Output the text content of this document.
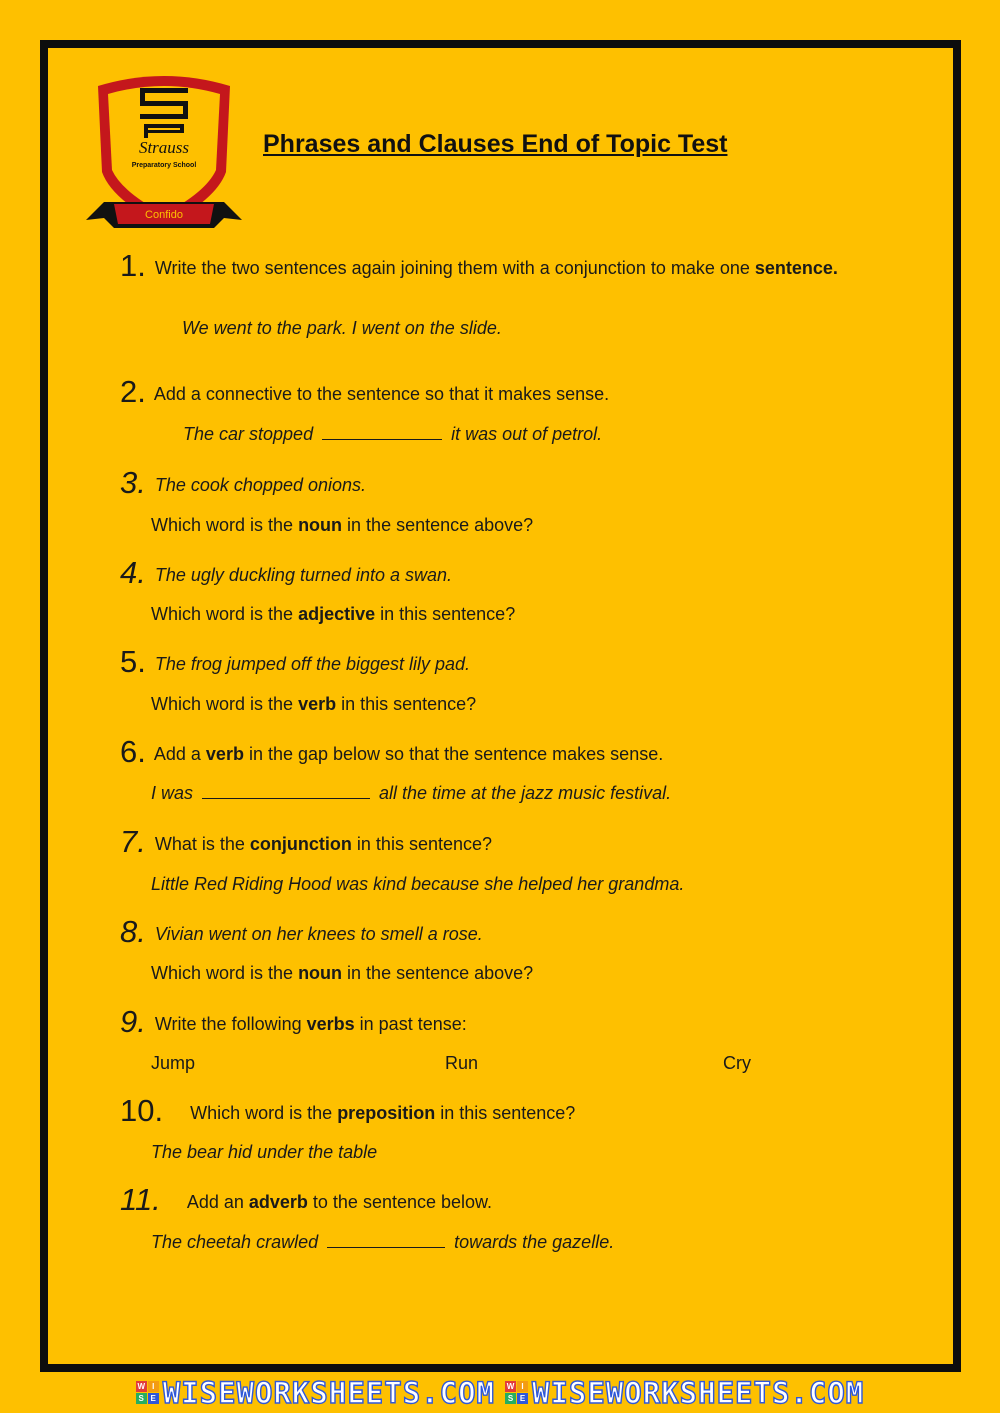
Strauss
Preparatory School
Confido
Phrases and Clauses End of Topic Test
1. Write the two sentences again joining them with a conjunction to make one sentence.
We went to the park. I went on the slide.
2. Add a connective to the sentence so that it makes sense.
The car stopped	it was out of petrol.
3. The cook chopped onions.
Which word is the noun in the sentence above?
4. The ugly duckling turned into a swan.
Which word is the adjective in this sentence?
5. The frog jumped off the biggest lily pad.
Which word is the verb in this sentence?
6. Add a verb in the gap below so that the sentence makes sense.
I was	all the time at the jazz music festival.
7. What is the conjunction in this sentence?
Little Red Riding Hood was kind because she helped her grandma.
8. Vivian went on her knees to smell a rose.
Which word is the noun in the sentence above?
9. Write the following verbs in past tense:
Jump	Run	Cry
10. Which word is the preposition in this sentence?
The bear hid under the table
11. Add an adverb to the sentence below.
The cheetah crawled	towards the gazelle.
W I
S E WISEWORKSHEETS.COM W I
S E WISEWORKSHEETS.COM
